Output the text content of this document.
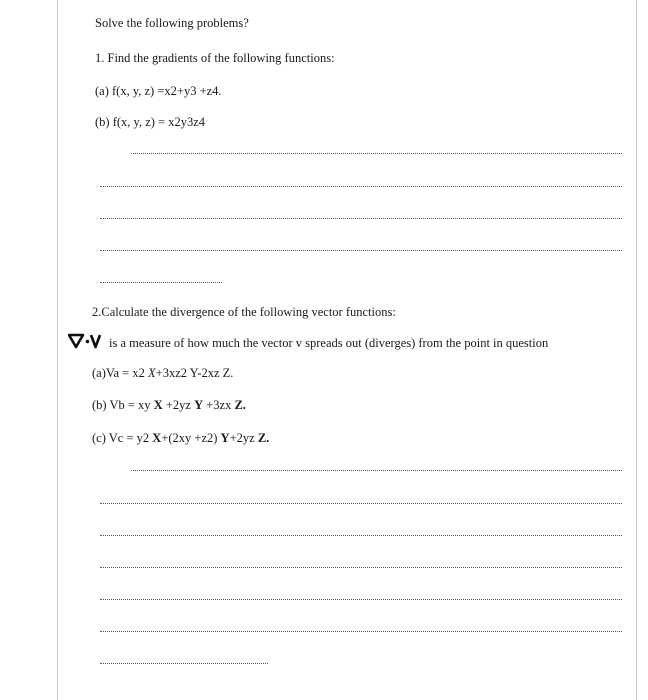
Solve the following problems?
1. Find the gradients of the following functions:
(a) f(x, y, z) =x2+y3 +z4.
(b) f(x, y, z) = x2y3z4
2.Calculate the divergence of the following vector functions:
is a measure of how much the vector v spreads out (diverges) from the point in question
(a)Va = x2 X+3xz2 Y-2xz Z.
(b) Vb = xy X +2yz Y +3zx Z.
(c) Vc = y2 X+(2xy +z2) Y+2yz Z.
